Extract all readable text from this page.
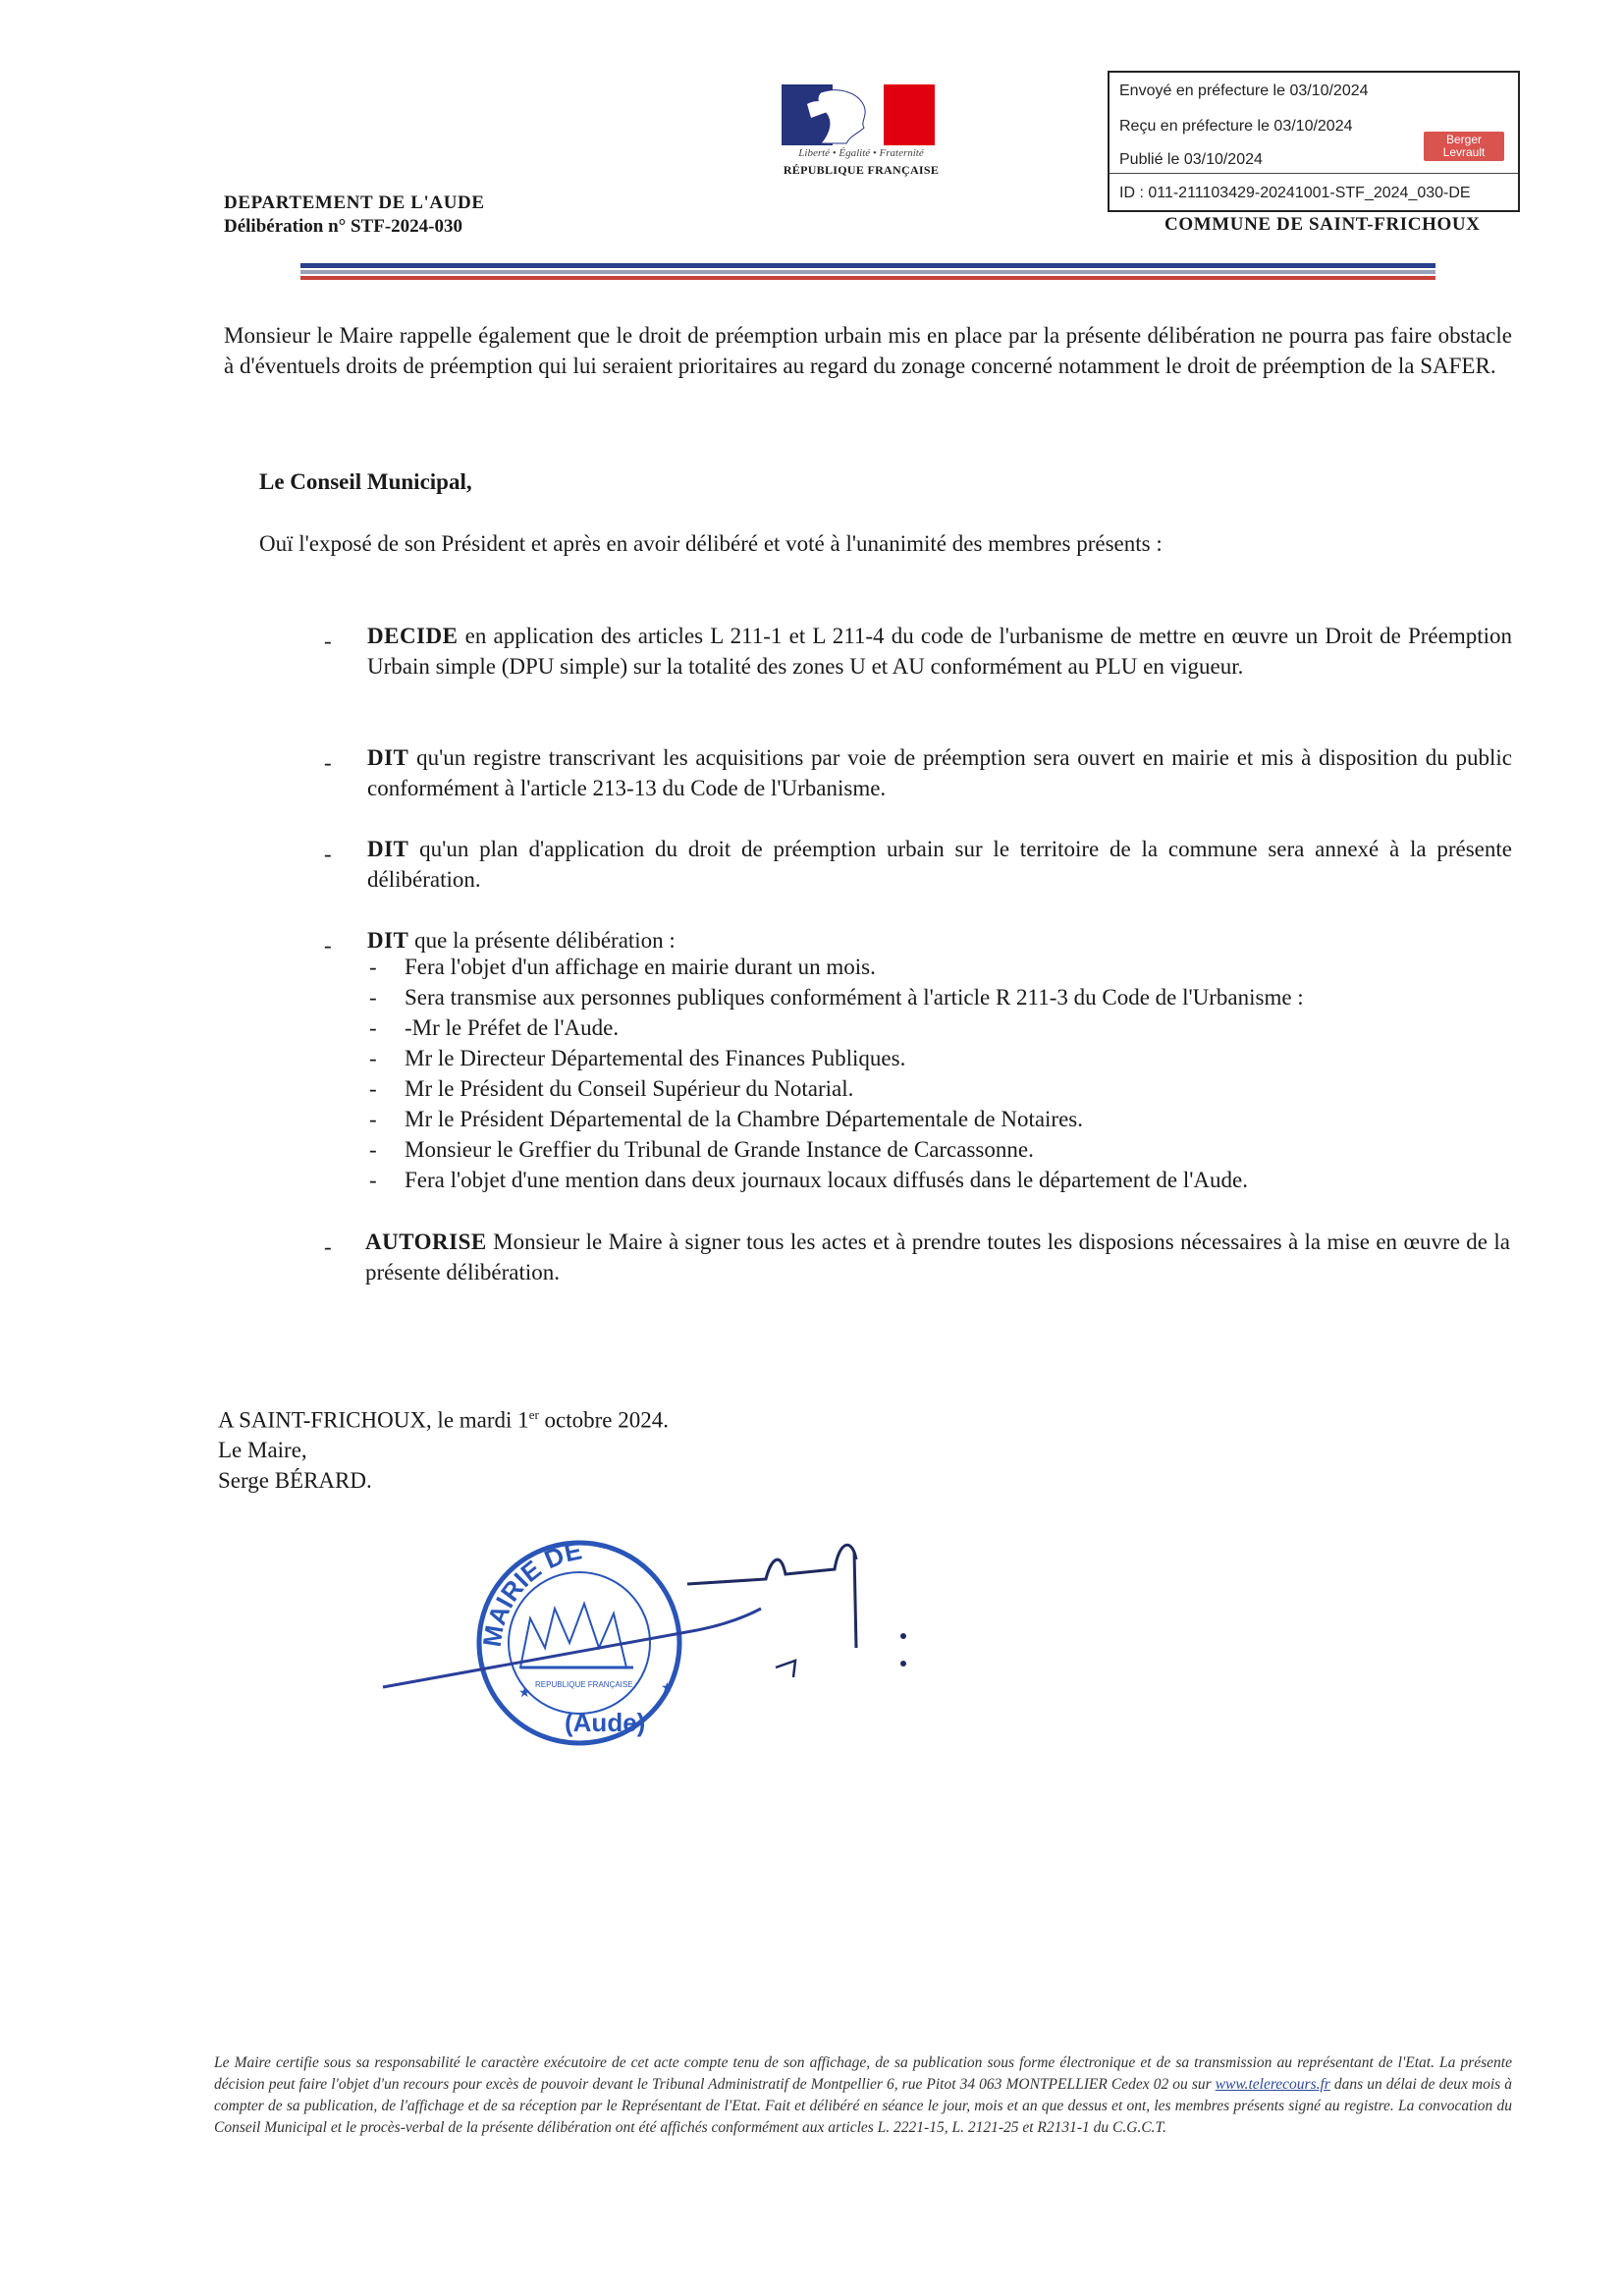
Liberté • Égalité • Fraternité
RÉPUBLIQUE FRANÇAISE
DEPARTEMENT DE L'AUDE
Délibération n° STF-2024-030
Envoyé en préfecture le 03/10/2024
Reçu en préfecture le 03/10/2024
Publié le 03/10/2024
ID : 011-211103429-20241001-STF_2024_030-DE
Berger Levrault
COMMUNE DE SAINT-FRICHOUX
Monsieur le Maire rappelle également que le droit de préemption urbain mis en place par la présente délibération ne pourra pas faire obstacle à d'éventuels droits de préemption qui lui seraient prioritaires au regard du zonage concerné notamment le droit de préemption de la SAFER.
Le Conseil Municipal,
Ouï l'exposé de son Président et après en avoir délibéré et voté à l'unanimité des membres présents :
- DECIDE en application des articles L 211-1 et L 211-4 du code de l'urbanisme de mettre en œuvre un Droit de Préemption Urbain simple (DPU simple) sur la totalité des zones U et AU conformément au PLU en vigueur.
- DIT qu'un registre transcrivant les acquisitions par voie de préemption sera ouvert en mairie et mis à disposition du public conformément à l'article 213-13 du Code de l'Urbanisme.
- DIT qu'un plan d'application du droit de préemption urbain sur le territoire de la commune sera annexé à la présente délibération.
- DIT que la présente délibération :
- Fera l'objet d'un affichage en mairie durant un mois.
- Sera transmise aux personnes publiques conformément à l'article R 211-3 du Code de l'Urbanisme :
- -Mr le Préfet de l'Aude.
- Mr le Directeur Départemental des Finances Publiques.
- Mr le Président du Conseil Supérieur du Notarial.
- Mr le Président Départemental de la Chambre Départementale de Notaires.
- Monsieur le Greffier du Tribunal de Grande Instance de Carcassonne.
- Fera l'objet d'une mention dans deux journaux locaux diffusés dans le département de l'Aude.
- AUTORISE Monsieur le Maire à signer tous les actes et à prendre toutes les disposions nécessaires à la mise en œuvre de la présente délibération.
A SAINT-FRICHOUX, le mardi 1er octobre 2024.
Le Maire,
Serge BÉRARD.
MAIRIE DE
(Aude)
REPUBLIQUE FRANÇAISE
★	★
Le Maire certifie sous sa responsabilité le caractère exécutoire de cet acte compte tenu de son affichage, de sa publication sous forme électronique et de sa transmission au représentant de l'Etat. La présente décision peut faire l'objet d'un recours pour excès de pouvoir devant le Tribunal Administratif de Montpellier 6, rue Pitot 34 063 MONTPELLIER Cedex 02 ou sur www.telerecours.fr dans un délai de deux mois à compter de sa publication, de l'affichage et de sa réception par le Représentant de l'Etat. Fait et délibéré en séance le jour, mois et an que dessus et ont, les membres présents signé au registre. La convocation du Conseil Municipal et le procès-verbal de la présente délibération ont été affichés conformément aux articles L. 2221-15, L. 2121-25 et R2131-1 du C.G.C.T.
